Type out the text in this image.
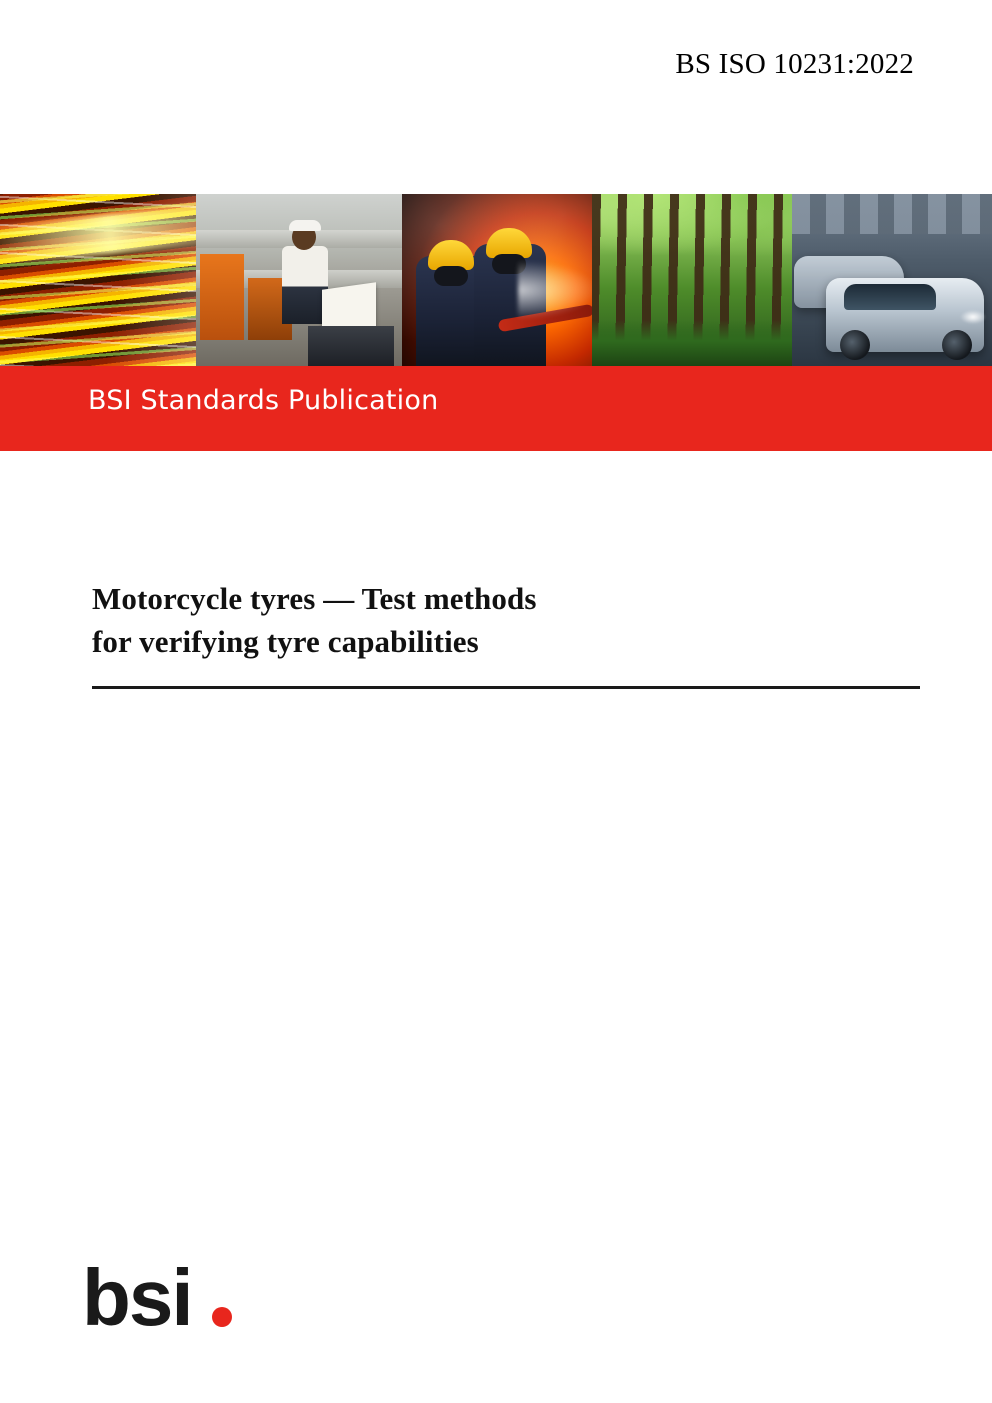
BS ISO 10231:2022
BSI Standards Publication
Motorcycle tyres — Test methods
for verifying tyre capabilities
bsi
